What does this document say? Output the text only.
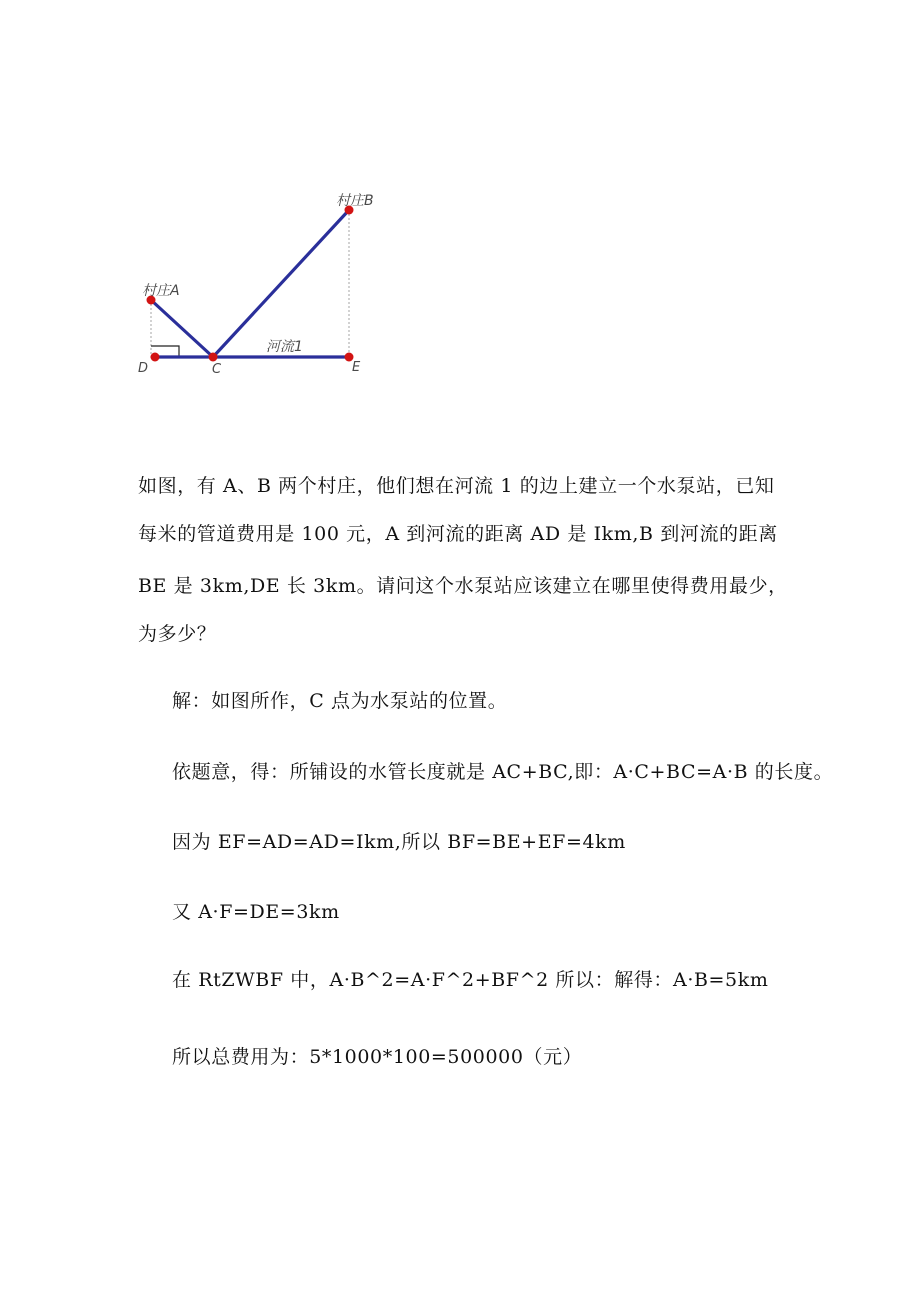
村庄A
村庄B
河流1
D	C	E

如图，有 A、B 两个村庄，他们想在河流 1 的边上建立一个水泵站，已知

每米的管道费用是 100 元，A 到河流的距离 AD 是 Ikm,B 到河流的距离

BE 是 3km,DE 长 3km。请问这个水泵站应该建立在哪里使得费用最少，

为多少？

解：如图所作，C 点为水泵站的位置。

依题意，得：所铺设的水管长度就是 AC+BC,即：A·C+BC=A·B 的长度。

因为 EF=AD=AD=Ikm,所以 BF=BE+EF=4km

又 A·F=DE=3km

在 RtZWBF 中，A·B^2=A·F^2+BF^2 所以：解得：A·B=5km

所以总费用为：5*1000*100=500000（元）
